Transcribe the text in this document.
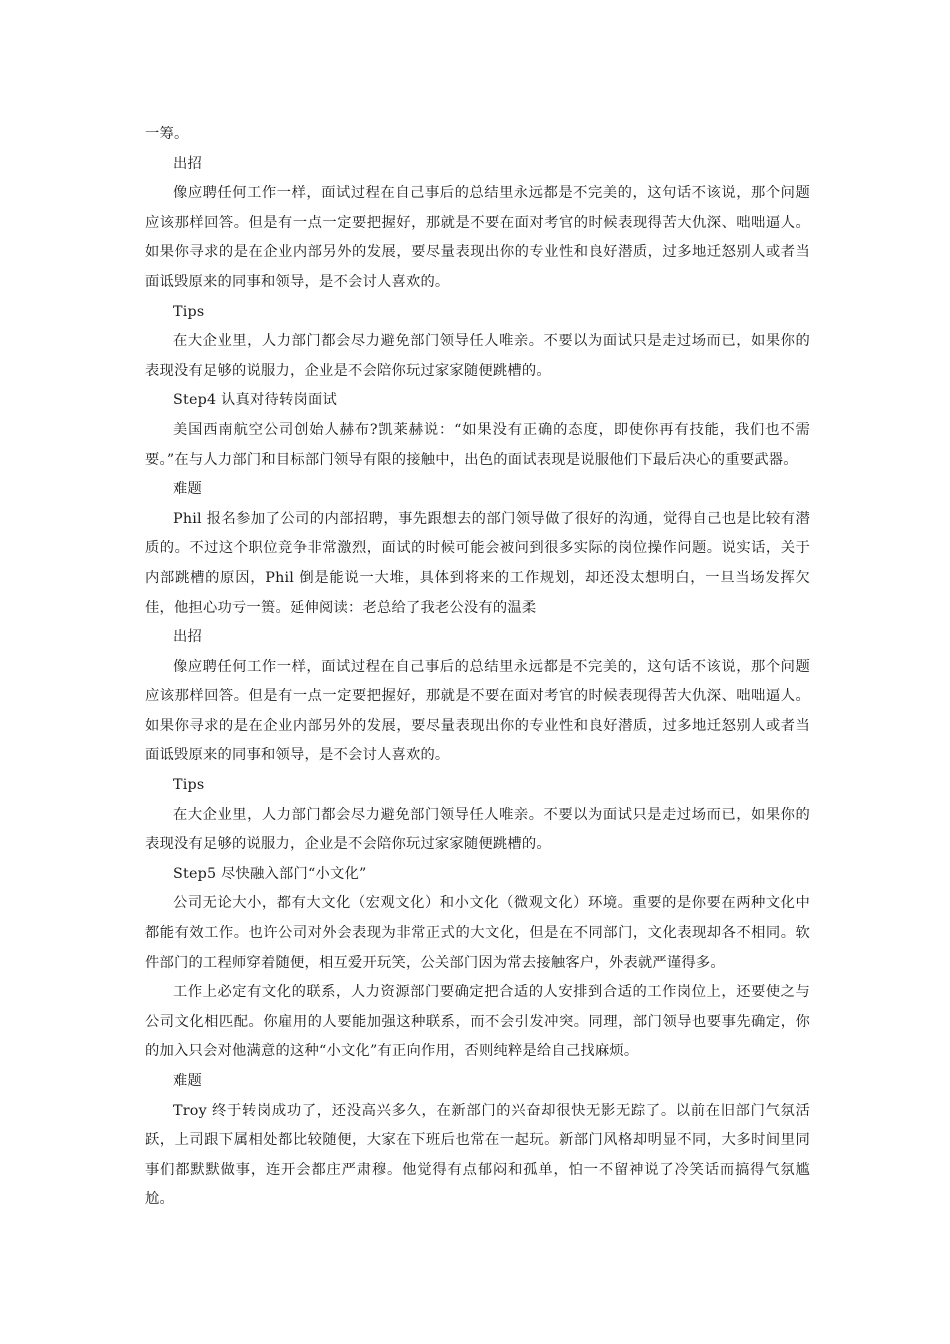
一筹。

出招

像应聘任何工作一样，面试过程在自己事后的总结里永远都是不完美的，这句话不该说，那个问题应该那样回答。但是有一点一定要把握好，那就是不要在面对考官的时候表现得苦大仇深、咄咄逼人。如果你寻求的是在企业内部另外的发展，要尽量表现出你的专业性和良好潜质，过多地迁怒别人或者当面诋毁原来的同事和领导，是不会讨人喜欢的。

Tips

在大企业里，人力部门都会尽力避免部门领导任人唯亲。不要以为面试只是走过场而已，如果你的表现没有足够的说服力，企业是不会陪你玩过家家随便跳槽的。

Step4 认真对待转岗面试

美国西南航空公司创始人赫布?凯莱赫说：“如果没有正确的态度，即使你再有技能，我们也不需要。”在与人力部门和目标部门领导有限的接触中，出色的面试表现是说服他们下最后决心的重要武器。

难题

Phil 报名参加了公司的内部招聘，事先跟想去的部门领导做了很好的沟通，觉得自己也是比较有潜质的。不过这个职位竞争非常激烈，面试的时候可能会被问到很多实际的岗位操作问题。说实话，关于内部跳槽的原因，Phil 倒是能说一大堆，具体到将来的工作规划，却还没太想明白，一旦当场发挥欠佳，他担心功亏一篑。延伸阅读：老总给了我老公没有的温柔

出招

像应聘任何工作一样，面试过程在自己事后的总结里永远都是不完美的，这句话不该说，那个问题应该那样回答。但是有一点一定要把握好，那就是不要在面对考官的时候表现得苦大仇深、咄咄逼人。如果你寻求的是在企业内部另外的发展，要尽量表现出你的专业性和良好潜质，过多地迁怒别人或者当面诋毁原来的同事和领导，是不会讨人喜欢的。

Tips

在大企业里，人力部门都会尽力避免部门领导任人唯亲。不要以为面试只是走过场而已，如果你的表现没有足够的说服力，企业是不会陪你玩过家家随便跳槽的。

Step5 尽快融入部门“小文化”

公司无论大小，都有大文化（宏观文化）和小文化（微观文化）环境。重要的是你要在两种文化中都能有效工作。也许公司对外会表现为非常正式的大文化，但是在不同部门，文化表现却各不相同。软件部门的工程师穿着随便，相互爱开玩笑，公关部门因为常去接触客户，外表就严谨得多。

工作上必定有文化的联系，人力资源部门要确定把合适的人安排到合适的工作岗位上，还要使之与公司文化相匹配。你雇用的人要能加强这种联系，而不会引发冲突。同理，部门领导也要事先确定，你的加入只会对他满意的这种“小文化”有正向作用，否则纯粹是给自己找麻烦。

难题

Troy 终于转岗成功了，还没高兴多久，在新部门的兴奋却很快无影无踪了。以前在旧部门气氛活跃，上司跟下属相处都比较随便，大家在下班后也常在一起玩。新部门风格却明显不同，大多时间里同事们都默默做事，连开会都庄严肃穆。他觉得有点郁闷和孤单，怕一不留神说了冷笑话而搞得气氛尴尬。
